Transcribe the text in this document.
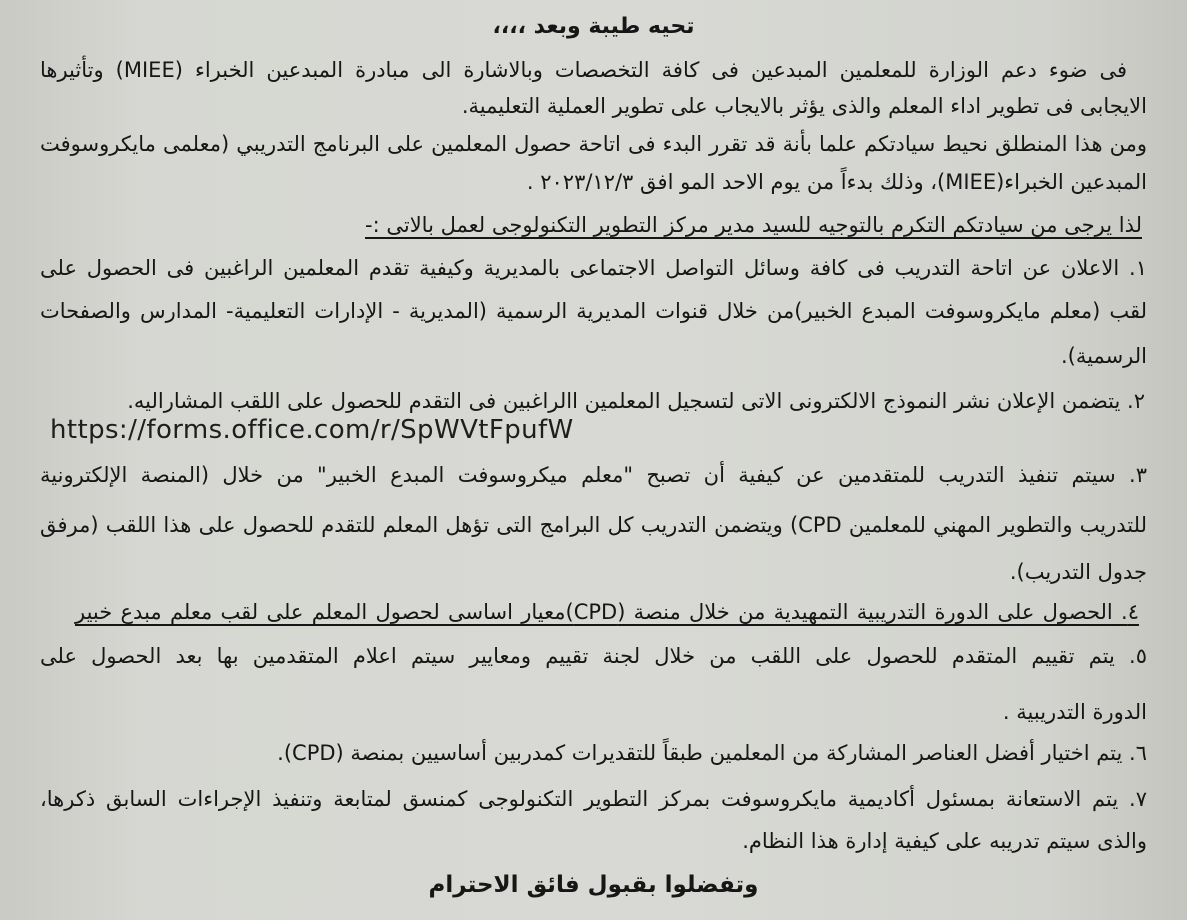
تحيه طيبة وبعد ،،،،
فى ضوء دعم الوزارة للمعلمين المبدعين فى كافة التخصصات وبالاشارة الى مبادرة المبدعين الخبراء (MIEE) وتأثيرها
الايجابى فى تطوير اداء المعلم والذى يؤثر بالايجاب على تطوير العملية التعليمية.
ومن هذا المنطلق نحيط سيادتكم علما بأنة قد تقرر البدء فى اتاحة حصول المعلمين على البرنامج التدريبي (معلمى مايكروسوفت
المبدعين الخبراء(MIEE)، وذلك بدءاً من يوم الاحد المو افق ٢٠٢٣/١٢/٣ .
لذا يرجى من سيادتكم التكرم بالتوجيه للسيد مدير مركز التطوير التكنولوجى لعمل بالاتى :-
١. الاعلان عن اتاحة التدريب فى كافة وسائل التواصل الاجتماعى بالمديرية وكيفية تقدم المعلمين الراغبين فى الحصول على
لقب (معلم مايكروسوفت المبدع الخبير)من خلال قنوات المديرية الرسمية (المديرية - الإدارات التعليمية- المدارس والصفحات
الرسمية).
٢. يتضمن الإعلان نشر النموذج الالكترونى الاتى لتسجيل المعلمين االراغبين فى التقدم للحصول على اللقب المشاراليه.
https://forms.office.com/r/SpWVtFpufW
٣. سيتم تنفيذ التدريب للمتقدمين عن كيفية أن تصبح "معلم ميكروسوفت المبدع الخبير" من خلال (المنصة الإلكترونية
للتدريب والتطوير المهني للمعلمين CPD) ويتضمن التدريب كل البرامج التى تؤهل المعلم للتقدم للحصول على هذا اللقب (مرفق
جدول التدريب).
٤. الحصول على الدورة التدريبية التمهيدية من خلال منصة (CPD)معيار اساسى لحصول المعلم على لقب معلم مبدع خبير
٥. يتم تقييم المتقدم للحصول على اللقب من خلال لجنة تقييم ومعايير سيتم اعلام المتقدمين بها بعد الحصول على
الدورة التدريبية .
٦. يتم اختيار أفضل العناصر المشاركة من المعلمين طبقاً للتقديرات كمدربين أساسيين بمنصة (CPD).
٧. يتم الاستعانة بمسئول أكاديمية مايكروسوفت بمركز التطوير التكنولوجى كمنسق لمتابعة وتنفيذ الإجراءات السابق ذكرها،
والذى سيتم تدريبه على كيفية إدارة هذا النظام.
وتفضلوا بقبول فائق الاحترام
